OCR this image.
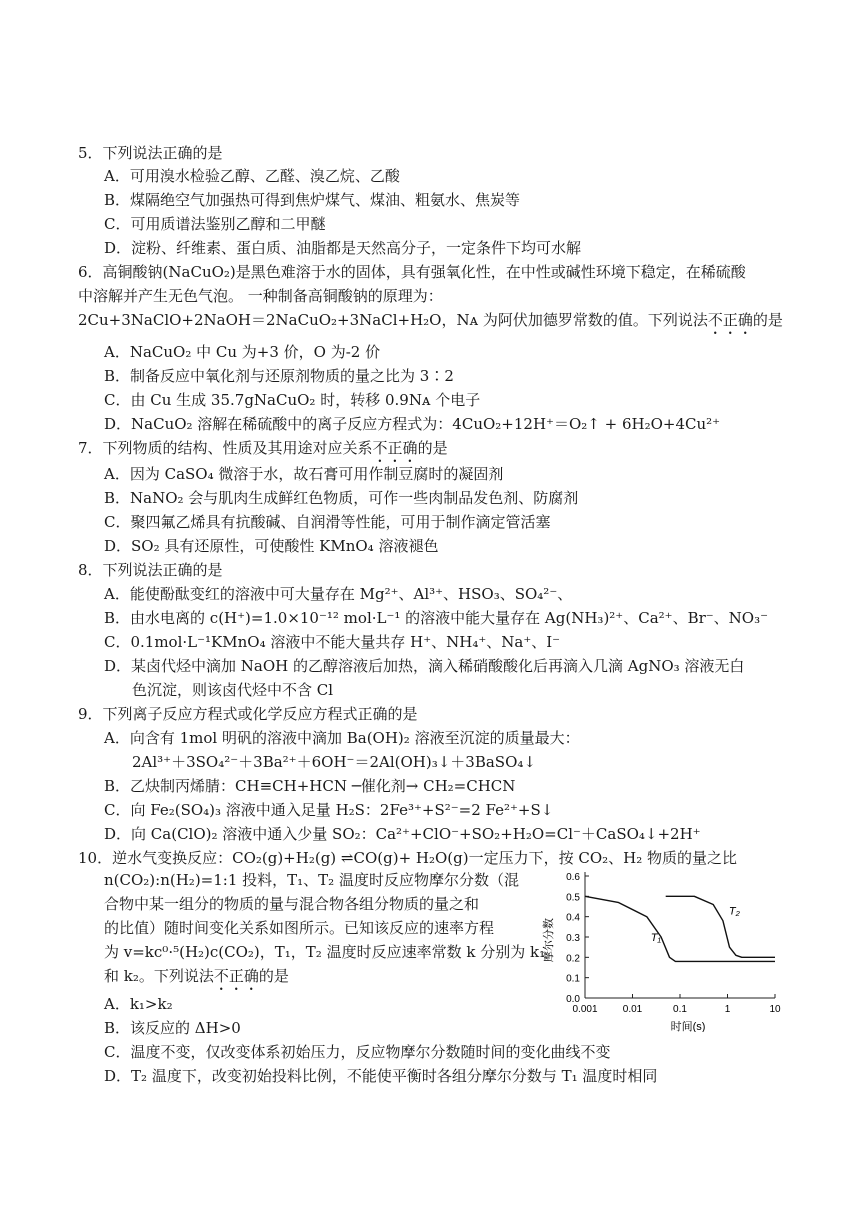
5．下列说法正确的是
A．可用溴水检验乙醇、乙醛、溴乙烷、乙酸
B．煤隔绝空气加强热可得到焦炉煤气、煤油、粗氨水、焦炭等
C．可用质谱法鉴别乙醇和二甲醚
D．淀粉、纤维素、蛋白质、油脂都是天然高分子，一定条件下均可水解
6．高铜酸钠(NaCuO₂)是黑色难溶于水的固体，具有强氧化性，在中性或碱性环境下稳定，在稀硫酸
中溶解并产生无色气泡。 一种制备高铜酸钠的原理为：
2Cu+3NaClO+2NaOH＝2NaCuO₂+3NaCl+H₂O，Nᴀ 为阿伏加德罗常数的值。下列说法不正确的是
A．NaCuO₂ 中 Cu 为+3 价，O 为-2 价
B．制备反应中氧化剂与还原剂物质的量之比为 3∶2
C．由 Cu 生成 35.7gNaCuO₂ 时，转移 0.9Nᴀ 个电子
D．NaCuO₂ 溶解在稀硫酸中的离子反应方程式为：4CuO₂+12H⁺＝O₂↑ + 6H₂O+4Cu²⁺
7．下列物质的结构、性质及其用途对应关系不正确的是
A．因为 CaSO₄ 微溶于水，故石膏可用作制豆腐时的凝固剂
B．NaNO₂ 会与肌肉生成鲜红色物质，可作一些肉制品发色剂、防腐剂
C．聚四氟乙烯具有抗酸碱、自润滑等性能，可用于制作滴定管活塞
D．SO₂ 具有还原性，可使酸性 KMnO₄ 溶液褪色
8．下列说法正确的是
A．能使酚酞变红的溶液中可大量存在 Mg²⁺、Al³⁺、HSO₃、SO₄²⁻、
B．由水电离的 c(H⁺)=1.0×10⁻¹² mol·L⁻¹ 的溶液中能大量存在 Ag(NH₃)²⁺、Ca²⁺、Br⁻、NO₃⁻
C．0.1mol·L⁻¹KMnO₄ 溶液中不能大量共存 H⁺、NH₄⁺、Na⁺、I⁻
D．某卤代烃中滴加 NaOH 的乙醇溶液后加热，滴入稀硝酸酸化后再滴入几滴 AgNO₃ 溶液无白
色沉淀，则该卤代烃中不含 Cl
9．下列离子反应方程式或化学反应方程式正确的是
A．向含有 1mol 明矾的溶液中滴加 Ba(OH)₂ 溶液至沉淀的质量最大：
2Al³⁺＋3SO₄²⁻＋3Ba²⁺＋6OH⁻＝2Al(OH)₃↓＋3BaSO₄↓
B．乙炔制丙烯腈：CH≡CH+HCN ─催化剂→ CH₂=CHCN
C．向 Fe₂(SO₄)₃ 溶液中通入足量 H₂S：2Fe³⁺+S²⁻=2 Fe²⁺+S↓
D．向 Ca(ClO)₂ 溶液中通入少量 SO₂：Ca²⁺+ClO⁻+SO₂+H₂O=Cl⁻＋CaSO₄↓+2H⁺
10．逆水气变换反应：CO₂(g)+H₂(g) ⇌CO(g)+ H₂O(g)一定压力下，按 CO₂、H₂ 物质的量之比
n(CO₂):n(H₂)=1:1 投料，T₁、T₂ 温度时反应物摩尔分数（混
合物中某一组分的物质的量与混合物各组分物质的量之和
的比值）随时间变化关系如图所示。已知该反应的速率方程
为 v=kc⁰·⁵(H₂)c(CO₂)，T₁，T₂ 温度时反应速率常数 k 分别为 k₁
和 k₂。下列说法不正确的是
A．k₁>k₂
B．该反应的 ΔH>0
C．温度不变，仅改变体系初始压力，反应物摩尔分数随时间的变化曲线不变
D．T₂ 温度下，改变初始投料比例，不能使平衡时各组分摩尔分数与 T₁ 温度时相同
0.0
0.1
0.2
0.3
0.4
0.5
0.6
0.001	0.01	0.1	1	10
T₁
T₂
摩尔分数
时间(s)
